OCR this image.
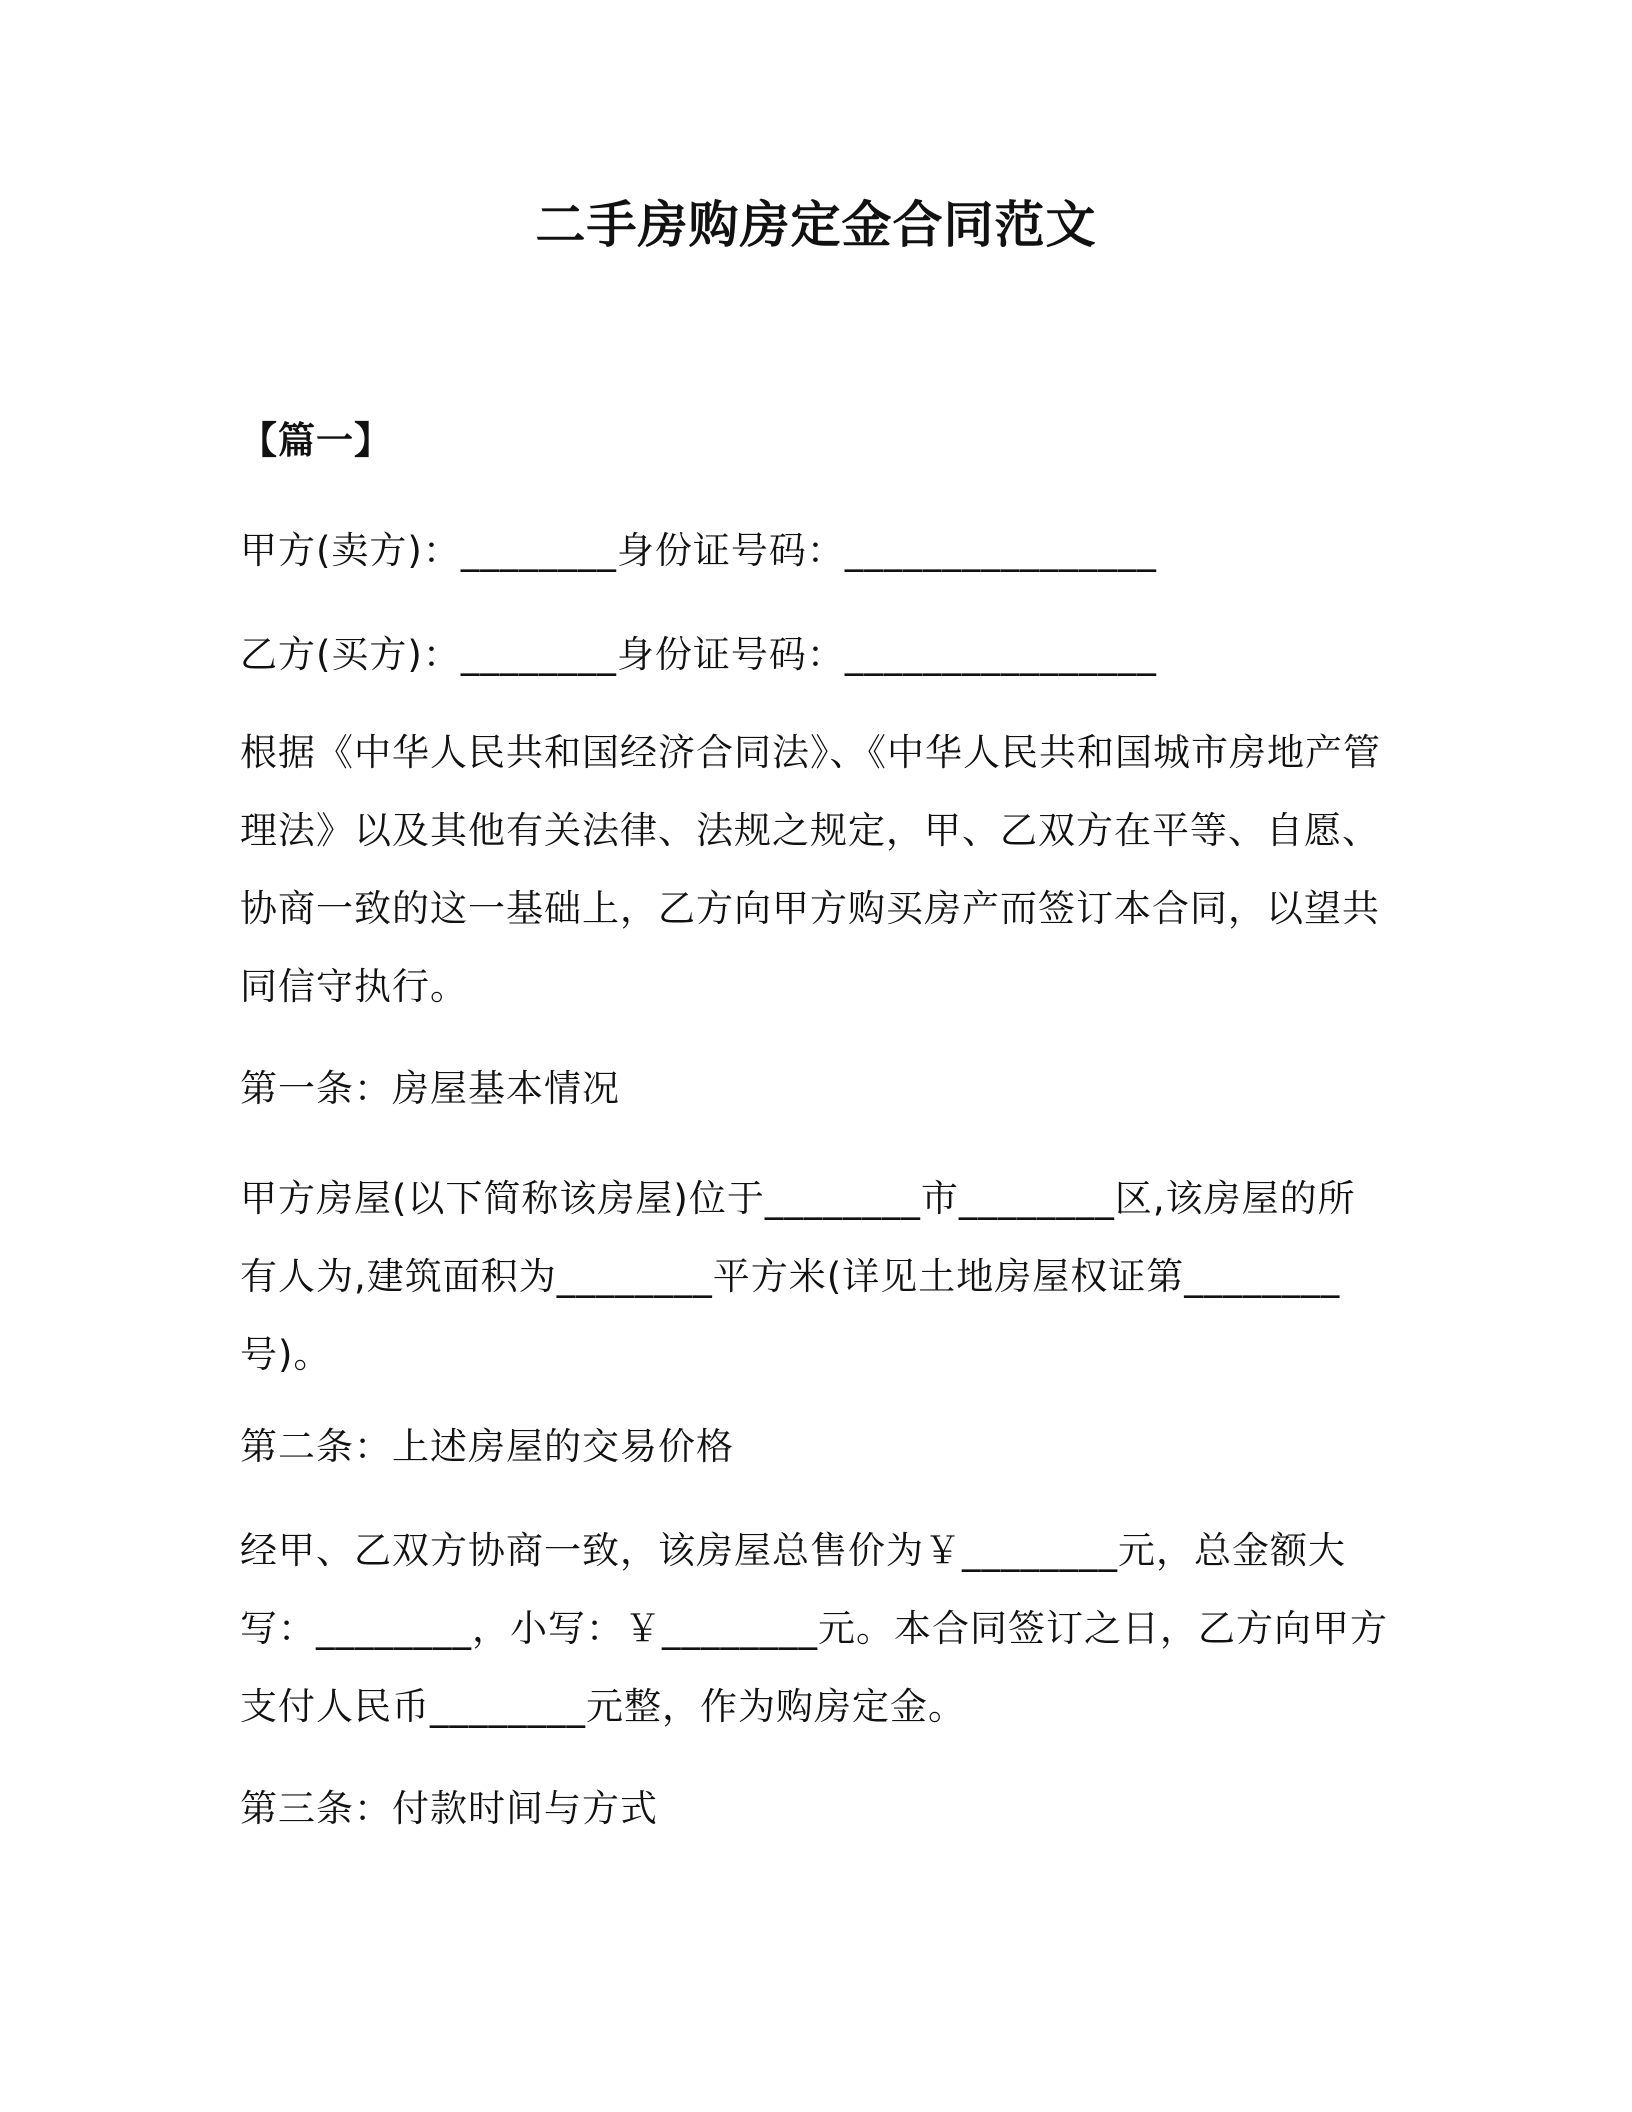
二手房购房定金合同范文
【篇一】
甲方(卖方)：________身份证号码：________________
乙方(买方)：________身份证号码：________________
根据《中华人民共和国经济合同法》、《中华人民共和国城市房地产管理法》以及其他有关法律、法规之规定，甲、乙双方在平等、自愿、协商一致的这一基础上，乙方向甲方购买房产而签订本合同，以望共同信守执行。
第一条：房屋基本情况
甲方房屋(以下简称该房屋)位于________市________区,该房屋的所有人为,建筑面积为________平方米(详见土地房屋权证第________号)。
第二条：上述房屋的交易价格
经甲、乙双方协商一致，该房屋总售价为￥________元，总金额大写：________，小写：￥________元。本合同签订之日，乙方向甲方支付人民币________元整，作为购房定金。
第三条：付款时间与方式
